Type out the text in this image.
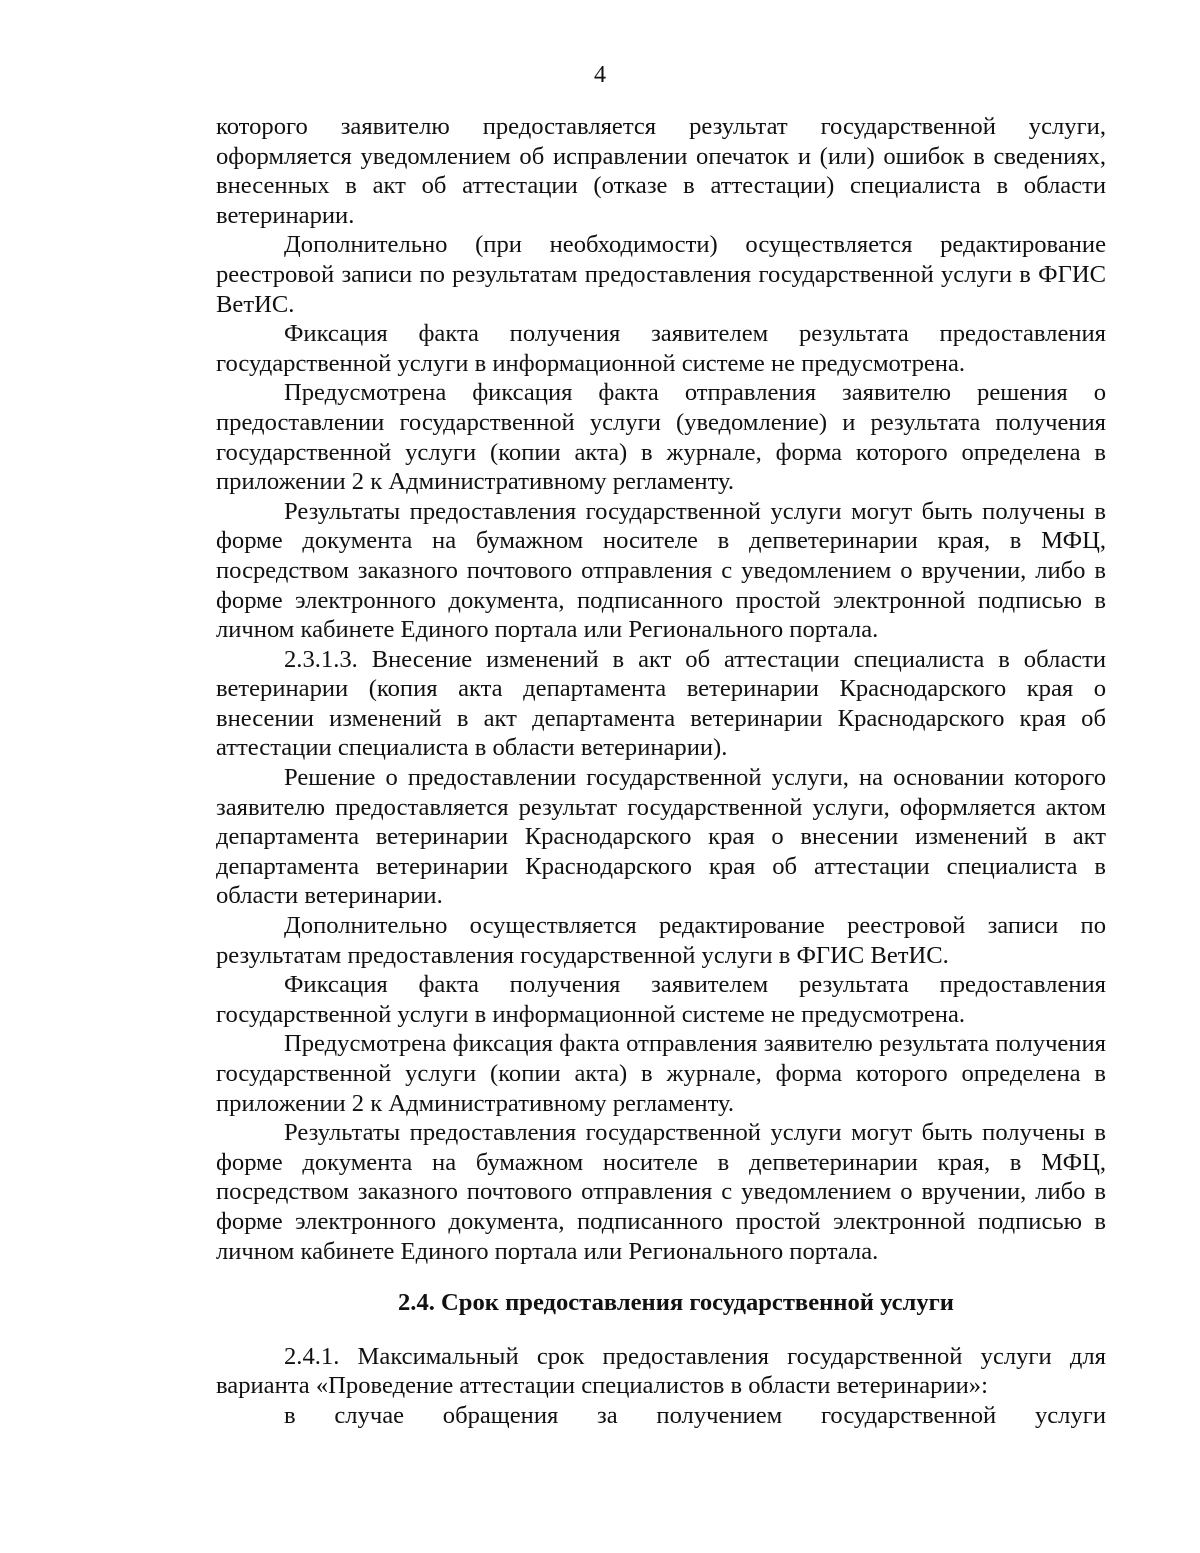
4

которого заявителю предоставляется результат государственной услуги, оформляется уведомлением об исправлении опечаток и (или) ошибок в сведениях, внесенных в акт об аттестации (отказе в аттестации) специалиста в области ветеринарии.

Дополнительно (при необходимости) осуществляется редактирование реестровой записи по результатам предоставления государственной услуги в ФГИС ВетИС.

Фиксация факта получения заявителем результата предоставления государственной услуги в информационной системе не предусмотрена.

Предусмотрена фиксация факта отправления заявителю решения о предоставлении государственной услуги (уведомление) и результата получения государственной услуги (копии акта) в журнале, форма которого определена в приложении 2 к Административному регламенту.

Результаты предоставления государственной услуги могут быть получены в форме документа на бумажном носителе в депветеринарии края, в МФЦ, посредством заказного почтового отправления с уведомлением о вручении, либо в форме электронного документа, подписанного простой электронной подписью в личном кабинете Единого портала или Регионального портала.

2.3.1.3. Внесение изменений в акт об аттестации специалиста в области ветеринарии (копия акта департамента ветеринарии Краснодарского края о внесении изменений в акт департамента ветеринарии Краснодарского края об аттестации специалиста в области ветеринарии).

Решение о предоставлении государственной услуги, на основании которого заявителю предоставляется результат государственной услуги, оформляется актом департамента ветеринарии Краснодарского края о внесении изменений в акт департамента ветеринарии Краснодарского края об аттестации специалиста в области ветеринарии.

Дополнительно осуществляется редактирование реестровой записи по результатам предоставления государственной услуги в ФГИС ВетИС.

Фиксация факта получения заявителем результата предоставления государственной услуги в информационной системе не предусмотрена.

Предусмотрена фиксация факта отправления заявителю результата получения государственной услуги (копии акта) в журнале, форма которого определена в приложении 2 к Административному регламенту.

Результаты предоставления государственной услуги могут быть получены в форме документа на бумажном носителе в депветеринарии края, в МФЦ, посредством заказного почтового отправления с уведомлением о вручении, либо в форме электронного документа, подписанного простой электронной подписью в личном кабинете Единого портала или Регионального портала.

2.4. Срок предоставления государственной услуги

2.4.1. Максимальный срок предоставления государственной услуги для варианта «Проведение аттестации специалистов в области ветеринарии»:

в случае обращения за получением государственной услуги
